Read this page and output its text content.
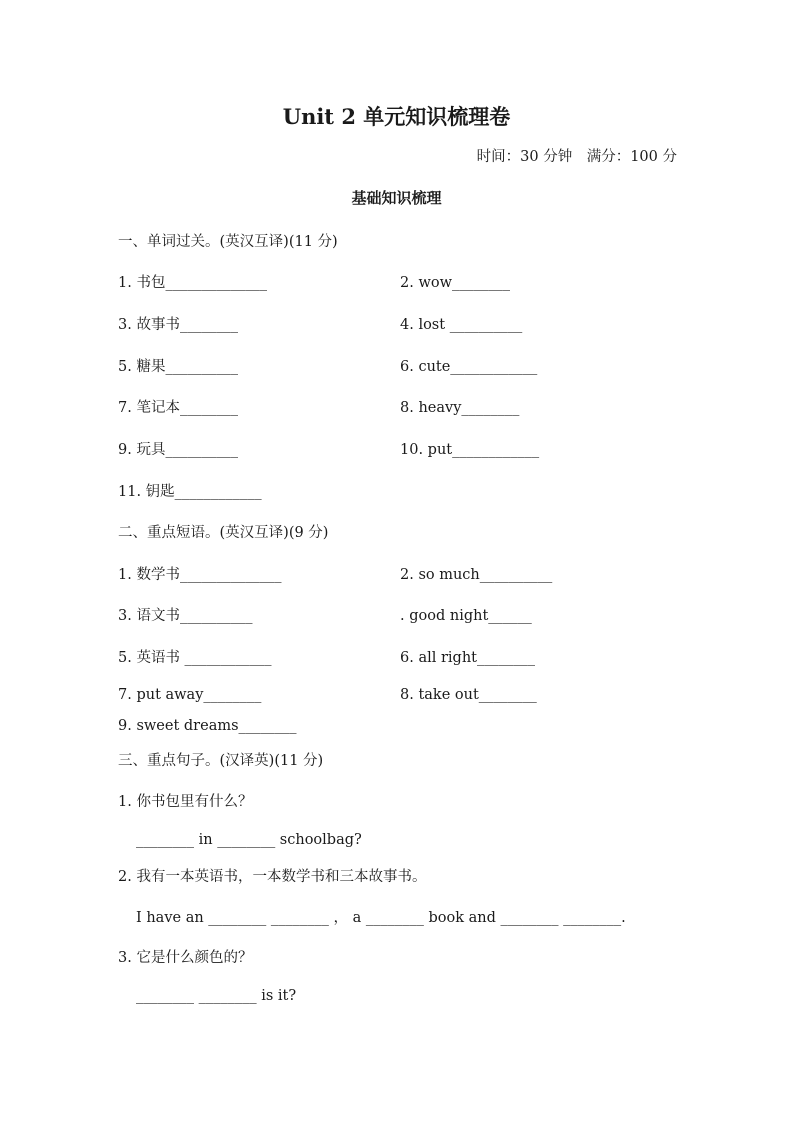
Unit 2 单元知识梳理卷
时间：30 分钟　满分：100 分
基础知识梳理
一、单词过关。(英汉互译)(11 分)
1. 书包______________	2. wow________
3. 故事书________	4. lost __________
5. 糖果__________	6. cute____________
7. 笔记本________	8. heavy________
9. 玩具__________	10. put____________
11. 钥匙____________
二、重点短语。(英汉互译)(9 分)
1. 数学书______________	2. so much__________
3. 语文书__________	. good night______
5. 英语书 ____________	6. all right________
7. put away________	8. take out________
9. sweet dreams________
三、重点句子。(汉译英)(11 分)
1. 你书包里有什么？
________ in ________ schoolbag?
2. 我有一本英语书，一本数学书和三本故事书。
I have an ________ ________ ， a ________ book and ________ ________.
3. 它是什么颜色的？
________ ________ is it?
